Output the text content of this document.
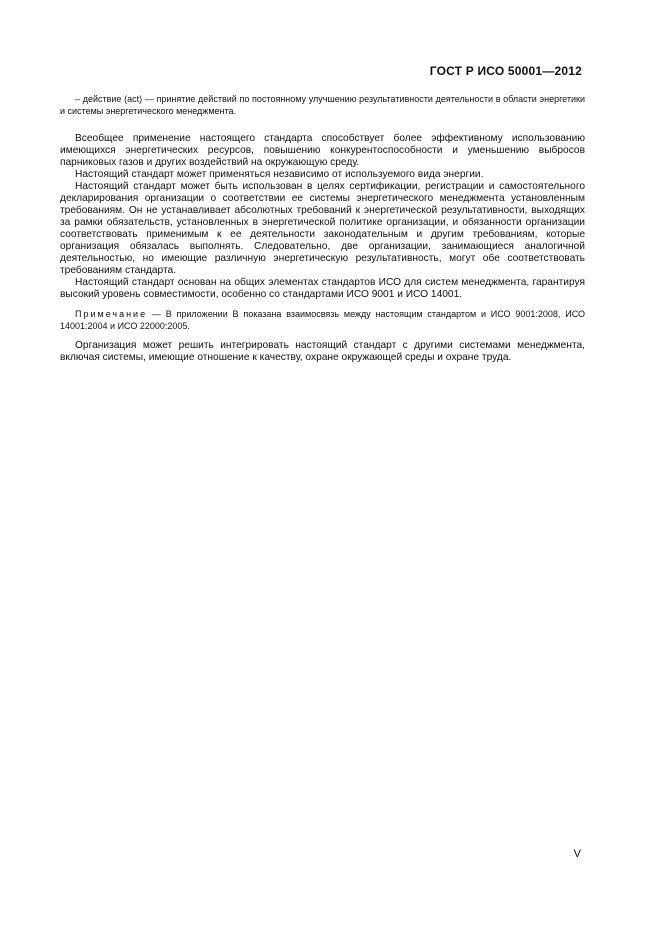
ГОСТ Р ИСО 50001—2012

– действие (act) — принятие действий по постоянному улучшению результативности деятельности в области энергетики и системы энергетического менеджмента.

Всеобщее применение настоящего стандарта способствует более эффективному использованию имеющихся энергетических ресурсов, повышению конкурентоспособности и уменьшению выбросов парниковых газов и других воздействий на окружающую среду.

Настоящий стандарт может применяться независимо от используемого вида энергии.

Настоящий стандарт может быть использован в целях сертификации, регистрации и самостоятельного декларирования организации о соответствии ее системы энергетического менеджмента установленным требованиям. Он не устанавливает абсолютных требований к энергетической результативности, выходящих за рамки обязательств, установленных в энергетической политике организации, и обязанности организации соответствовать применимым к ее деятельности законодательным и другим требованиям, которые организация обязалась выполнять. Следовательно, две организации, занимающиеся аналогичной деятельностью, но имеющие различную энергетическую результативность, могут обе соответствовать требованиям стандарта.

Настоящий стандарт основан на общих элементах стандартов ИСО для систем менеджмента, гарантируя высокий уровень совместимости, особенно со стандартами ИСО 9001 и ИСО 14001.

Примечание — В приложении В показана взаимосвязь между настоящим стандартом и ИСО 9001:2008, ИСО 14001:2004 и ИСО 22000:2005.

Организация может решить интегрировать настоящий стандарт с другими системами менеджмента, включая системы, имеющие отношение к качеству, охране окружающей среды и охране труда.

V
